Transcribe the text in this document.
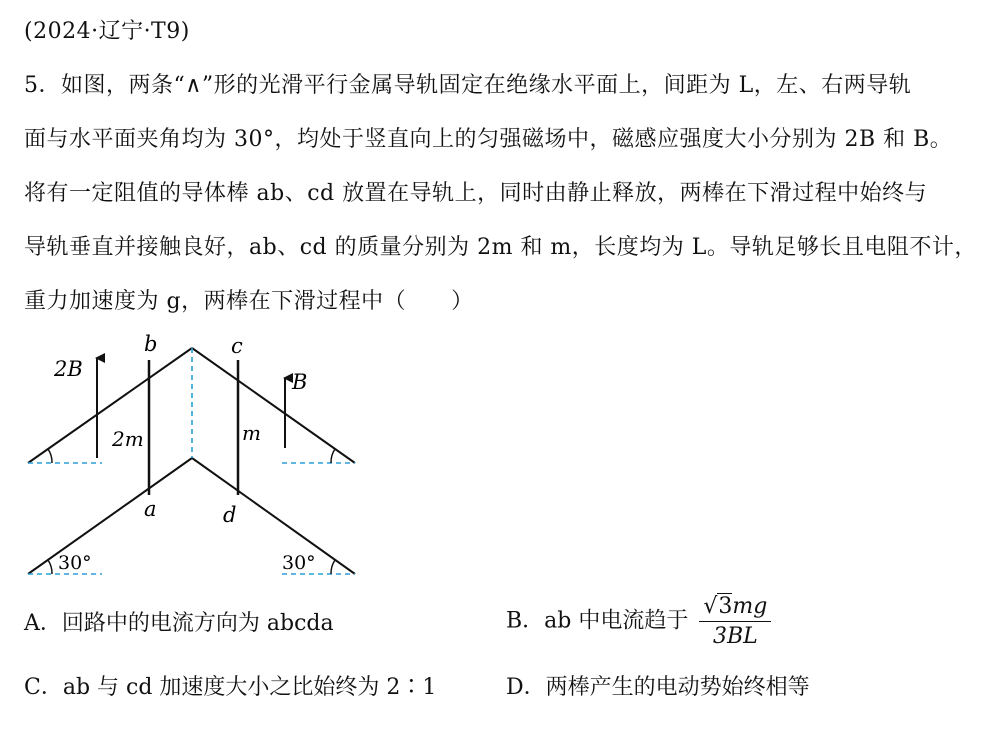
(2024·辽宁·T9)
5．如图，两条“∧”形的光滑平行金属导轨固定在绝缘水平面上，间距为 L，左、右两导轨
面与水平面夹角均为 30°，均处于竖直向上的匀强磁场中，磁感应强度大小分别为 2B 和 B。
将有一定阻值的导体棒 ab、cd 放置在导轨上，同时由静止释放，两棒在下滑过程中始终与
导轨垂直并接触良好，ab、cd 的质量分别为 2m 和 m，长度均为 L。导轨足够长且电阻不计，
重力加速度为 g，两棒在下滑过程中（　　）
2B
B
b	c
a	d
2m	m
30°	30°
A．回路中的电流方向为 abcda	B．ab 中电流趋于 $\frac{√3mg}{3BL}$
C．ab 与 cd 加速度大小之比始终为 2∶1	D．两棒产生的电动势始终相等
